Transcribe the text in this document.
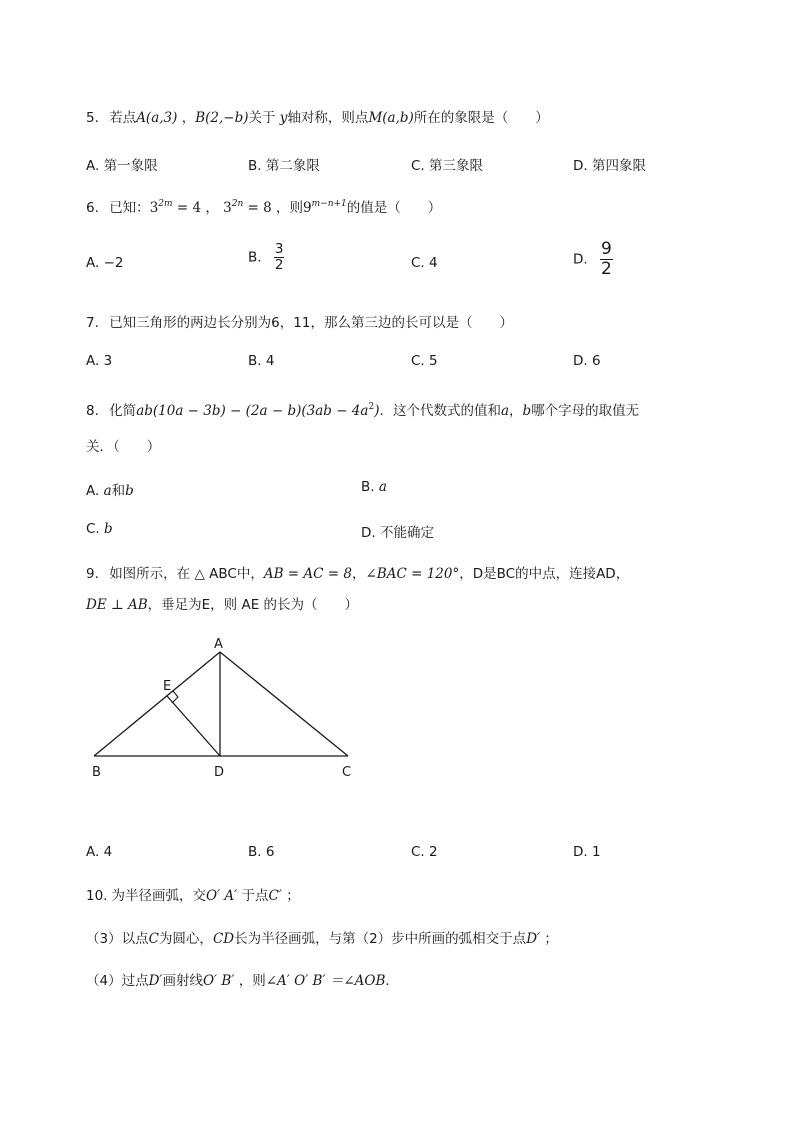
5. 若点A(a,3) ，B(2,−b)关于 y轴对称，则点M(a,b)所在的象限是（　　）
A. 第一象限	B. 第二象限	C. 第三象限	D. 第四象限
6. 已知：$3^{2m} = 4$ ， $3^{2n} = 8$ ，则$9^{m-n+1}$的值是（　　）
A. −2	B. $\frac{3}{2}$	C. 4	D. $\frac{9}{2}$
7. 已知三角形的两边长分别为6，11，那么第三边的长可以是（　　）
A. 3	B. 4	C. 5	D. 6
8. 化简$ab(10a - 3b) - (2a - b)(3ab - 4a^2)$．这个代数式的值和a，b哪个字母的取值无
关．（　　）
A. a和b	B. a
C. b	D. 不能确定
9. 如图所示，在 △ ABC中，AB = AC = 8，∠BAC = 120°，D是BC的中点，连接AD，
DE ⊥ AB，垂足为E，则 AE 的长为（　　）
A
E
B	D	C
A. 4	B. 6	C. 2	D. 1
10. 为半径画弧，交O′ A′ 于点C′ ；
（3）以点C为圆心，CD长为半径画弧，与第（2）步中所画的弧相交于点D′ ；
（4）过点D′画射线O′ B′ ，则∠A′ O′ B′ ＝∠AOB．
